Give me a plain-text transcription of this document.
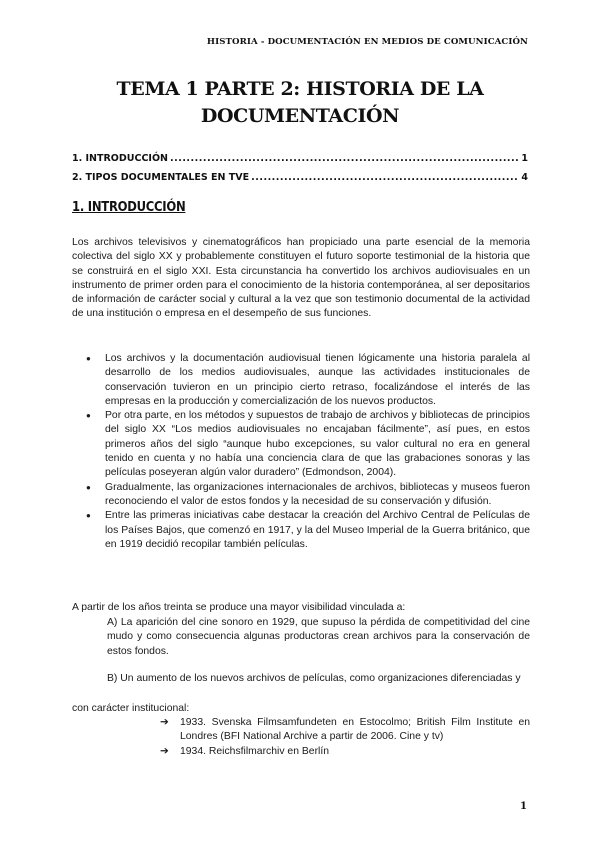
HISTORIA - DOCUMENTACIÓN EN MEDIOS DE COMUNICACIÓN
TEMA 1 PARTE 2: HISTORIA DE LA
DOCUMENTACIÓN
1. INTRODUCCIÓN .....	1
2. TIPOS DOCUMENTALES EN TVE .....	4
1. INTRODUCCIÓN
Los archivos televisivos y cinematográficos han propiciado una parte esencial de la memoria colectiva del siglo XX y probablemente constituyen el futuro soporte testimonial de la historia que se construirá en el siglo XXI. Esta circunstancia ha convertido los archivos audiovisuales en un instrumento de primer orden para el conocimiento de la historia contemporánea, al ser depositarios de información de carácter social y cultural a la vez que son testimonio documental de la actividad de una institución o empresa en el desempeño de sus funciones.
● Los archivos y la documentación audiovisual tienen lógicamente una historia paralela al desarrollo de los medios audiovisuales, aunque las actividades institucionales de conservación tuvieron en un principio cierto retraso, focalizándose el interés de las empresas en la producción y comercialización de los nuevos productos.
● Por otra parte, en los métodos y supuestos de trabajo de archivos y bibliotecas de principios del siglo XX “Los medios audiovisuales no encajaban fácilmente”, así pues, en estos primeros años del siglo “aunque hubo excepciones, su valor cultural no era en general tenido en cuenta y no había una conciencia clara de que las grabaciones sonoras y las películas poseyeran algún valor duradero” (Edmondson, 2004).
● Gradualmente, las organizaciones internacionales de archivos, bibliotecas y museos fueron reconociendo el valor de estos fondos y la necesidad de su conservación y difusión.
● Entre las primeras iniciativas cabe destacar la creación del Archivo Central de Películas de los Países Bajos, que comenzó en 1917, y la del Museo Imperial de la Guerra británico, que en 1919 decidió recopilar también películas.
A partir de los años treinta se produce una mayor visibilidad vinculada a:
A) La aparición del cine sonoro en 1929, que supuso la pérdida de competitividad del cine mudo y como consecuencia algunas productoras crean archivos para la conservación de estos fondos.
B) Un aumento de los nuevos archivos de películas, como organizaciones diferenciadas y
con carácter institucional:
➔ 1933. Svenska Filmsamfundeten en Estocolmo; British Film Institute en Londres (BFI National Archive a partir de 2006. Cine y tv)
➔ 1934. Reichsfilmarchiv en Berlín
1
